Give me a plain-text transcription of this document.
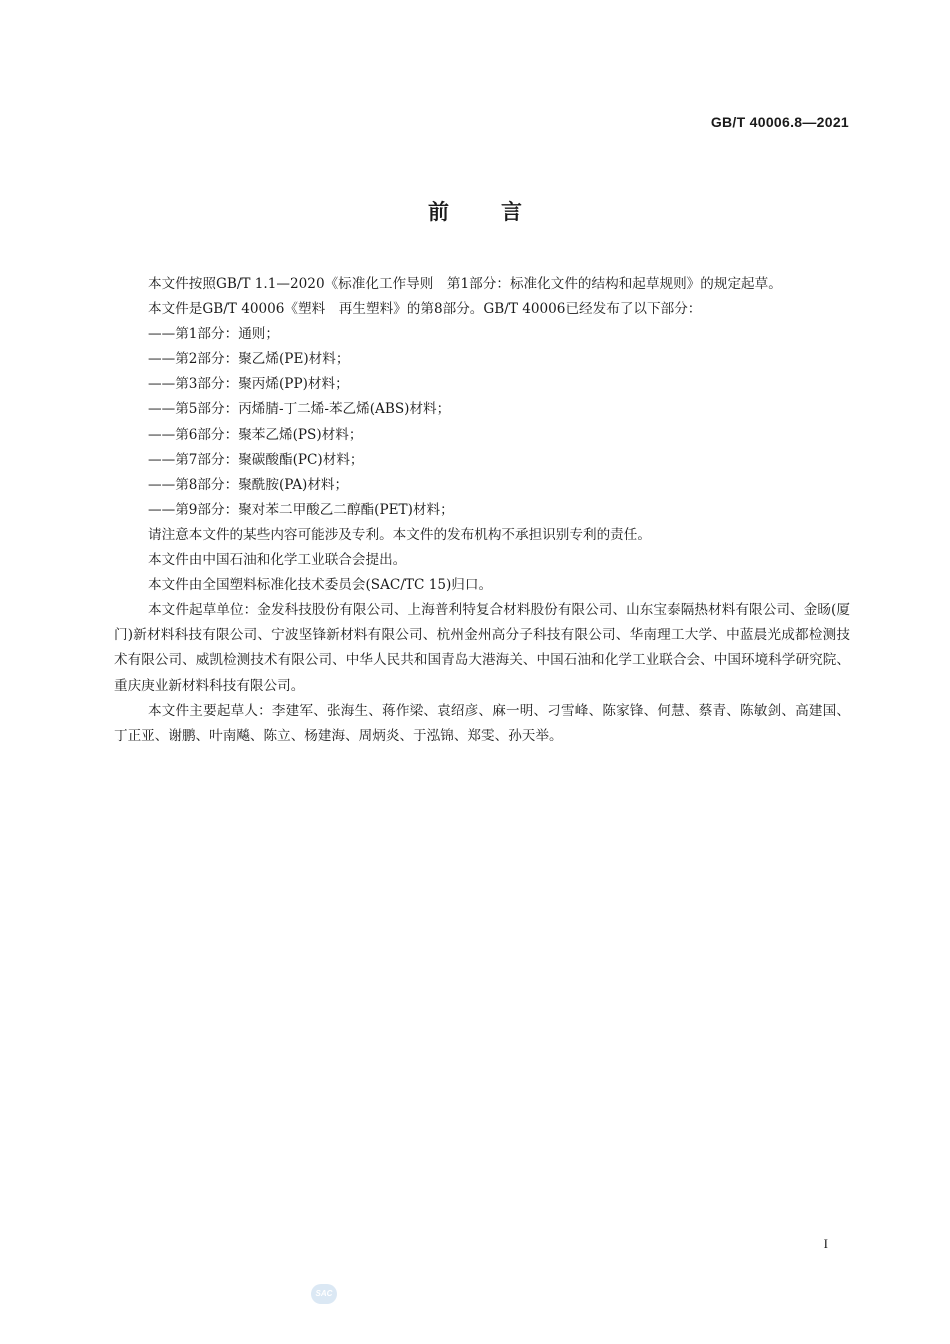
GB/T 40006.8—2021
前言

本文件按照GB/T 1.1—2020《标准化工作导则　第1部分：标准化文件的结构和起草规则》的规定起草。

本文件是GB/T 40006《塑料　再生塑料》的第8部分。GB/T 40006已经发布了以下部分：

——第1部分：通则；

——第2部分：聚乙烯(PE)材料；

——第3部分：聚丙烯(PP)材料；

——第5部分：丙烯腈-丁二烯-苯乙烯(ABS)材料；

——第6部分：聚苯乙烯(PS)材料；

——第7部分：聚碳酸酯(PC)材料；

——第8部分：聚酰胺(PA)材料；

——第9部分：聚对苯二甲酸乙二醇酯(PET)材料；

请注意本文件的某些内容可能涉及专利。本文件的发布机构不承担识别专利的责任。

本文件由中国石油和化学工业联合会提出。

本文件由全国塑料标准化技术委员会(SAC/TC 15)归口。

本文件起草单位：金发科技股份有限公司、上海普利特复合材料股份有限公司、山东宝泰隔热材料有限公司、金旸(厦门)新材料科技有限公司、宁波坚锋新材料有限公司、杭州金州高分子科技有限公司、华南理工大学、中蓝晨光成都检测技术有限公司、威凯检测技术有限公司、中华人民共和国青岛大港海关、中国石油和化学工业联合会、中国环境科学研究院、重庆庚业新材料科技有限公司。

本文件主要起草人：李建军、张海生、蒋作梁、袁绍彦、麻一明、刁雪峰、陈家锋、何慧、蔡青、陈敏剑、高建国、丁正亚、谢鹏、叶南飚、陈立、杨建海、周炳炎、于泓锦、郑雯、孙天举。

I
SAC
